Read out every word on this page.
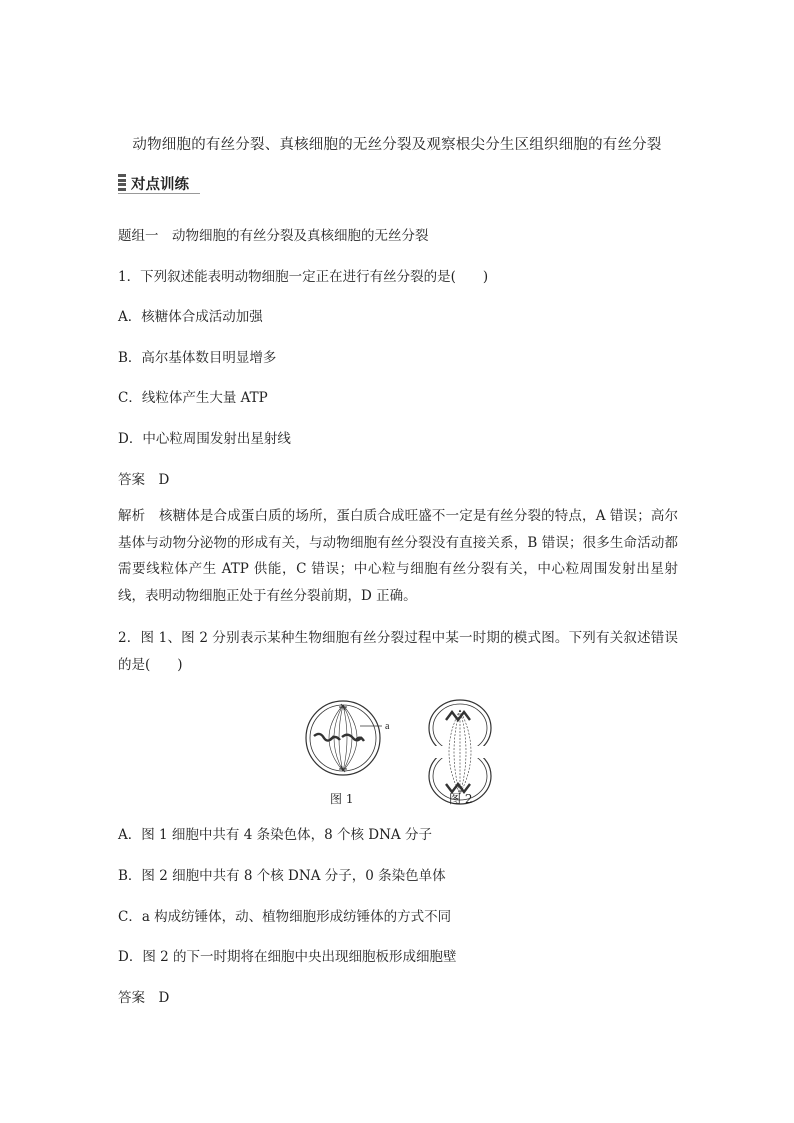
动物细胞的有丝分裂、真核细胞的无丝分裂及观察根尖分生区组织细胞的有丝分裂
对点训练
题组一　动物细胞的有丝分裂及真核细胞的无丝分裂
1．下列叙述能表明动物细胞一定正在进行有丝分裂的是(　　)
A．核糖体合成活动加强
B．高尔基体数目明显增多
C．线粒体产生大量 ATP
D．中心粒周围发射出星射线
答案　D
解析　核糖体是合成蛋白质的场所，蛋白质合成旺盛不一定是有丝分裂的特点，A 错误；高尔基体与动物分泌物的形成有关，与动物细胞有丝分裂没有直接关系，B 错误；很多生命活动都需要线粒体产生 ATP 供能，C 错误；中心粒与细胞有丝分裂有关，中心粒周围发射出星射线，表明动物细胞正处于有丝分裂前期，D 正确。
2．图 1、图 2 分别表示某种生物细胞有丝分裂过程中某一时期的模式图。下列有关叙述错误的是(　　)
a
图 1	图 2
A．图 1 细胞中共有 4 条染色体，8 个核 DNA 分子
B．图 2 细胞中共有 8 个核 DNA 分子，0 条染色单体
C．a 构成纺锤体，动、植物细胞形成纺锤体的方式不同
D．图 2 的下一时期将在细胞中央出现细胞板形成细胞壁
答案　D
